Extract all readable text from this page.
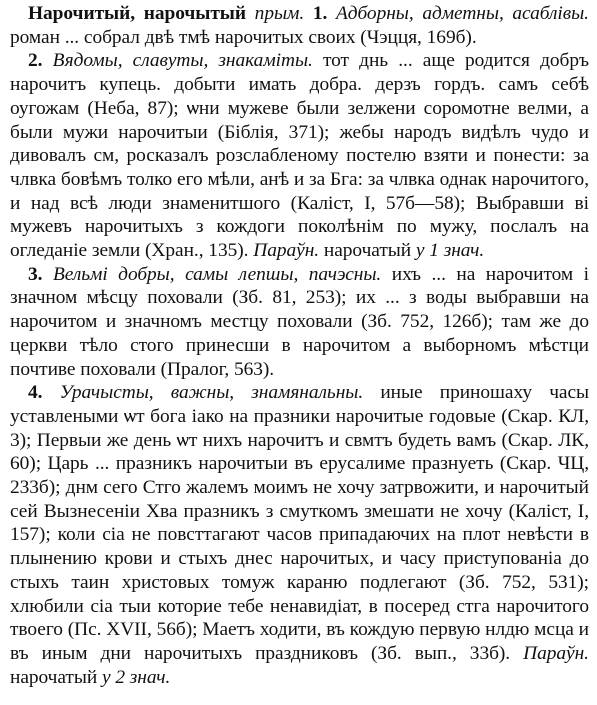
Нарочитый, нарочытый прым. 1. Адборны, адметны, асаблівы. роман ... собрал двѣ тмѣ нарочитых своих (Чэцця, 169б).

2. Вядомы, славуты, знакаміты. тот днь ... аще родится добръ нарочитъ купець. добыти имать добра. дерзъ гордъ. самъ себѣ оугожам (Неба, 87); ѡни мужеве были зелжени соромотне велми, а были мужи нарочитыи (Біблія, 371); жебы народъ видѣлъ чудо и дивовалъ см, росказалъ розслабленому постелю взяти и понести: за члвка бовѣмъ толко его мѣли, анѣ и за Бга: за члвка однак нарочитого, и над всѣ люди знаменитшого (Каліст, І, 57б—58); Выбравши ві мужевъ нарочитыхъ з кождоги поколѣнім по мужу, послалъ на огледаніе земли (Хран., 135). Параўн. нарочатый у 1 знач.

3. Вельмі добры, самы лепшы, пачэсны. ихъ ... на нарочитом і значном мѣсцу поховали (Зб. 81, 253); их ... з воды выбравши на нарочитом и значномъ местцу поховали (Зб. 752, 126б); там же до церкви тѣло стого принесши в нарочитом а выборномъ мѣстци почтиве поховали (Пралог, 563).

4. Урачысты, важны, знамянальны. иные приношаху часы уставлеными ѡт бога іако на празники нарочитые годовые (Скар. КЛ, 3); Первыи же день ѡт нихъ нарочитъ и свмтъ будеть вамъ (Скар. ЛК, 60); Царь ... празникъ нарочитыи въ ерусалиме празнуеть (Скар. ЧЦ, 233б); днм сего Стго жалемъ моимъ не хочу затрвожити, и нарочитый сей Вызнесеніи Хва празникъ з смуткомъ змешати не хочу (Каліст, І, 157); коли сіа не повсттагают часов припадаючих на плот невѣсти в плынению крови и стыхъ днес нарочитых, и часу приступованіа до стыхъ таин христовых томуж караню подлегают (Зб. 752, 531); хлюбили сіа тыи которие тебе ненавидіат, в посеред стга нарочитого твоего (Пс. XVII, 56б); Маетъ ходити, въ кождую первую нлдю мсца и въ иным дни нарочитыхъ праздниковъ (Зб. вып., 33б). Параўн. нарочатый у 2 знач.
